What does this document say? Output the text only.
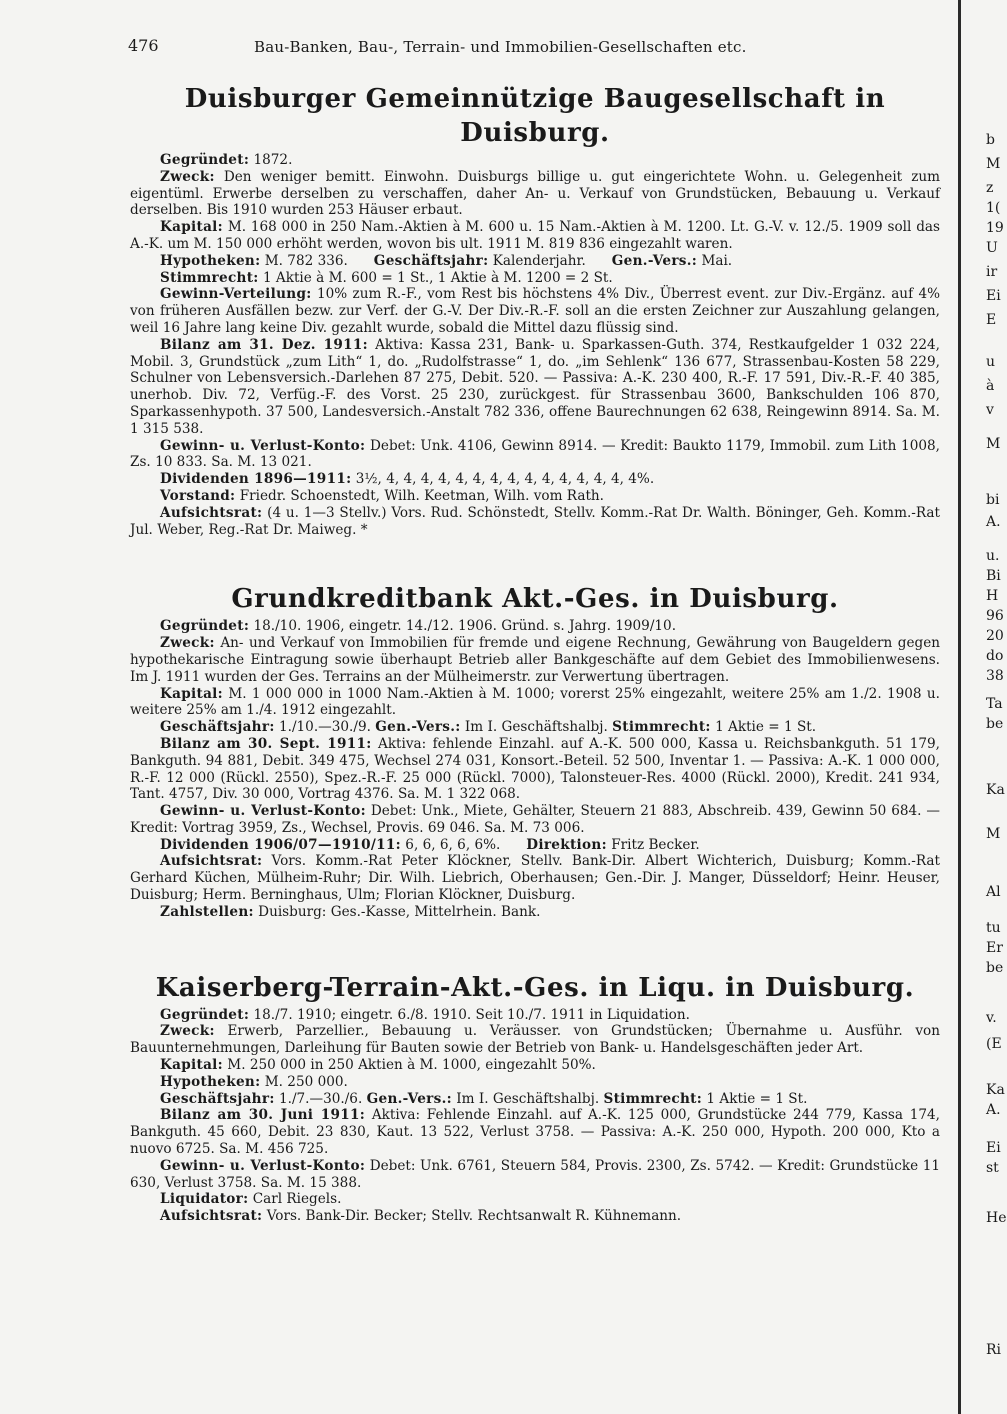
476	Bau-Banken, Bau-, Terrain- und Immobilien-Gesellschaften etc.
Duisburger Gemeinnützige Baugesellschaft in Duisburg.

Gegründet: 1872.

Zweck: Den weniger bemitt. Einwohn. Duisburgs billige u. gut eingerichtete Wohn. u. Gelegenheit zum eigentüml. Erwerbe derselben zu verschaffen, daher An- u. Verkauf von Grundstücken, Bebauung u. Verkauf derselben. Bis 1910 wurden 253 Häuser erbaut.

Kapital: M. 168 000 in 250 Nam.-Aktien à M. 600 u. 15 Nam.-Aktien à M. 1200. Lt. G.-V. v. 12./5. 1909 soll das A.-K. um M. 150 000 erhöht werden, wovon bis ult. 1911 M. 819 836 eingezahlt waren.

Hypotheken: M. 782 336. Geschäftsjahr: Kalenderjahr. Gen.-Vers.: Mai.

Stimmrecht: 1 Aktie à M. 600 = 1 St., 1 Aktie à M. 1200 = 2 St.

Gewinn-Verteilung: 10% zum R.-F., vom Rest bis höchstens 4% Div., Überrest event. zur Div.-Ergänz. auf 4% von früheren Ausfällen bezw. zur Verf. der G.-V. Der Div.-R.-F. soll an die ersten Zeichner zur Auszahlung gelangen, weil 16 Jahre lang keine Div. gezahlt wurde, sobald die Mittel dazu flüssig sind.

Bilanz am 31. Dez. 1911: Aktiva: Kassa 231, Bank- u. Sparkassen-Guth. 374, Restkaufgelder 1 032 224, Mobil. 3, Grundstück „zum Lith“ 1, do. „Rudolfstrasse“ 1, do. „im Sehlenk“ 136 677, Strassenbau-Kosten 58 229, Schulner von Lebensversich.-Darlehen 87 275, Debit. 520. — Passiva: A.-K. 230 400, R.-F. 17 591, Div.-R.-F. 40 385, unerhob. Div. 72, Verfüg.-F. des Vorst. 25 230, zurückgest. für Strassenbau 3600, Bankschulden 106 870, Sparkassenhypoth. 37 500, Landesversich.-Anstalt 782 336, offene Baurechnungen 62 638, Reingewinn 8914. Sa. M. 1 315 538.

Gewinn- u. Verlust-Konto: Debet: Unk. 4106, Gewinn 8914. — Kredit: Baukto 1179, Immobil. zum Lith 1008, Zs. 10 833. Sa. M. 13 021.

Dividenden 1896—1911: 3½, 4, 4, 4, 4, 4, 4, 4, 4, 4, 4, 4, 4, 4, 4, 4%.

Vorstand: Friedr. Schoenstedt, Wilh. Keetman, Wilh. vom Rath.

Aufsichtsrat: (4 u. 1—3 Stellv.) Vors. Rud. Schönstedt, Stellv. Komm.-Rat Dr. Walth. Böninger, Geh. Komm.-Rat Jul. Weber, Reg.-Rat Dr. Maiweg. *

Grundkreditbank Akt.-Ges. in Duisburg.

Gegründet: 18./10. 1906, eingetr. 14./12. 1906. Gründ. s. Jahrg. 1909/10.

Zweck: An- und Verkauf von Immobilien für fremde und eigene Rechnung, Gewährung von Baugeldern gegen hypothekarische Eintragung sowie überhaupt Betrieb aller Bankgeschäfte auf dem Gebiet des Immobilienwesens. Im J. 1911 wurden der Ges. Terrains an der Mülheimerstr. zur Verwertung übertragen.

Kapital: M. 1 000 000 in 1000 Nam.-Aktien à M. 1000; vorerst 25% eingezahlt, weitere 25% am 1./2. 1908 u. weitere 25% am 1./4. 1912 eingezahlt.

Geschäftsjahr: 1./10.—30./9. Gen.-Vers.: Im I. Geschäftshalbj. Stimmrecht: 1 Aktie = 1 St.

Bilanz am 30. Sept. 1911: Aktiva: fehlende Einzahl. auf A.-K. 500 000, Kassa u. Reichsbankguth. 51 179, Bankguth. 94 881, Debit. 349 475, Wechsel 274 031, Konsort.-Beteil. 52 500, Inventar 1. — Passiva: A.-K. 1 000 000, R.-F. 12 000 (Rückl. 2550), Spez.-R.-F. 25 000 (Rückl. 7000), Talonsteuer-Res. 4000 (Rückl. 2000), Kredit. 241 934, Tant. 4757, Div. 30 000, Vortrag 4376. Sa. M. 1 322 068.

Gewinn- u. Verlust-Konto: Debet: Unk., Miete, Gehälter, Steuern 21 883, Abschreib. 439, Gewinn 50 684. — Kredit: Vortrag 3959, Zs., Wechsel, Provis. 69 046. Sa. M. 73 006.

Dividenden 1906/07—1910/11: 6, 6, 6, 6, 6%. Direktion: Fritz Becker.

Aufsichtsrat: Vors. Komm.-Rat Peter Klöckner, Stellv. Bank-Dir. Albert Wichterich, Duisburg; Komm.-Rat Gerhard Küchen, Mülheim-Ruhr; Dir. Wilh. Liebrich, Oberhausen; Gen.-Dir. J. Manger, Düsseldorf; Heinr. Heuser, Duisburg; Herm. Berninghaus, Ulm; Florian Klöckner, Duisburg.

Zahlstellen: Duisburg: Ges.-Kasse, Mittelrhein. Bank.

Kaiserberg-Terrain-Akt.-Ges. in Liqu. in Duisburg.

Gegründet: 18./7. 1910; eingetr. 6./8. 1910. Seit 10./7. 1911 in Liquidation.

Zweck: Erwerb, Parzellier., Bebauung u. Veräusser. von Grundstücken; Übernahme u. Ausführ. von Bauunternehmungen, Darleihung für Bauten sowie der Betrieb von Bank- u. Handelsgeschäften jeder Art.

Kapital: M. 250 000 in 250 Aktien à M. 1000, eingezahlt 50%.

Hypotheken: M. 250 000.

Geschäftsjahr: 1./7.—30./6. Gen.-Vers.: Im I. Geschäftshalbj. Stimmrecht: 1 Aktie = 1 St.

Bilanz am 30. Juni 1911: Aktiva: Fehlende Einzahl. auf A.-K. 125 000, Grundstücke 244 779, Kassa 174, Bankguth. 45 660, Debit. 23 830, Kaut. 13 522, Verlust 3758. — Passiva: A.-K. 250 000, Hypoth. 200 000, Kto a nuovo 6725. Sa. M. 456 725.

Gewinn- u. Verlust-Konto: Debet: Unk. 6761, Steuern 584, Provis. 2300, Zs. 5742. — Kredit: Grundstücke 11 630, Verlust 3758. Sa. M. 15 388.

Liquidator: Carl Riegels.

Aufsichtsrat: Vors. Bank-Dir. Becker; Stellv. Rechtsanwalt R. Kühnemann.

b
M
z
1(
19
U
ir
Ei
E
u
à
v
M
bi
A.
u.
Bi
H
96
20
do
38
Ta
be
Ka
M
Al
tu
Er
be
v.
(E
Ka
A.
Ei
st
He
Ri
